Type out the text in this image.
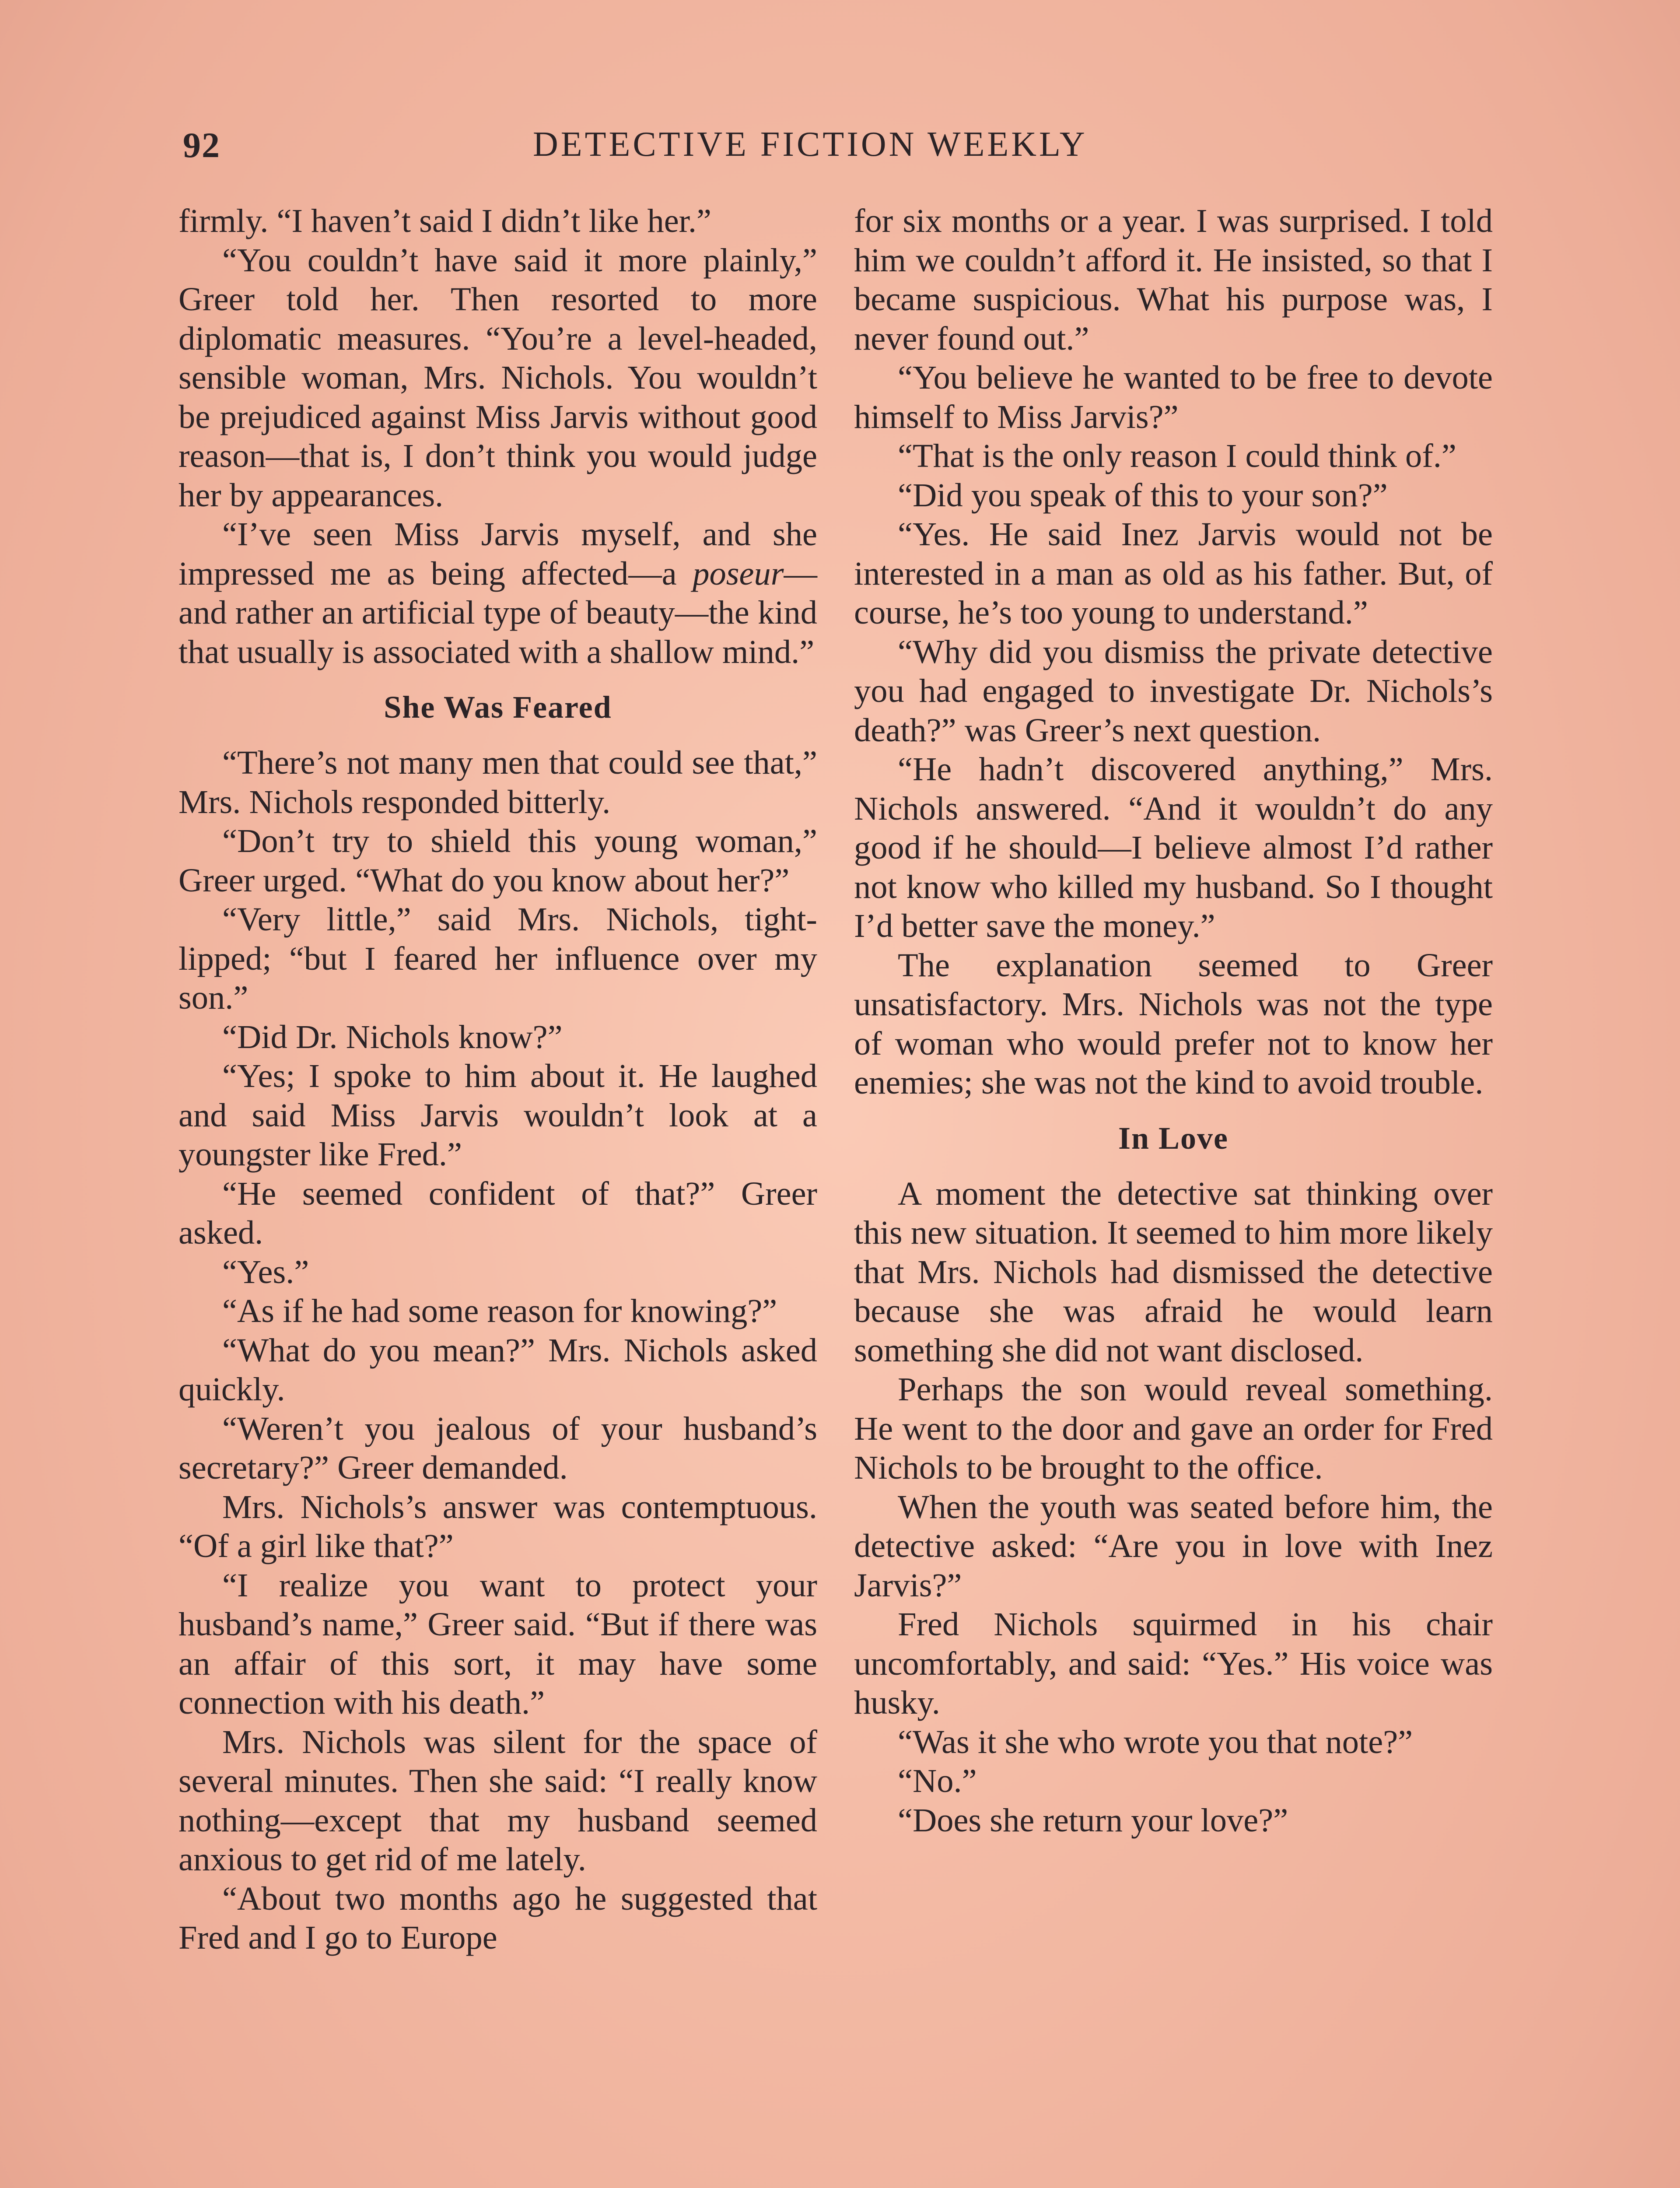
92	DETECTIVE FICTION WEEKLY

firmly. “I haven’t said I didn’t like her.”

“You couldn’t have said it more plainly,” Greer told her. Then resorted to more diplomatic measures. “You’re a level-headed, sensible woman, Mrs. Nichols. You wouldn’t be prejudiced against Miss Jarvis without good reason—that is, I don’t think you would judge her by appearances.

“I’ve seen Miss Jarvis myself, and she impressed me as being affected—a poseur—and rather an artificial type of beauty—the kind that usually is associated with a shallow mind.”

She Was Feared

“There’s not many men that could see that,” Mrs. Nichols responded bitterly.

“Don’t try to shield this young woman,” Greer urged. “What do you know about her?”

“Very little,” said Mrs. Nichols, tight-lipped; “but I feared her influence over my son.”

“Did Dr. Nichols know?”

“Yes; I spoke to him about it. He laughed and said Miss Jarvis wouldn’t look at a youngster like Fred.”

“He seemed confident of that?” Greer asked.

“Yes.”

“As if he had some reason for knowing?”

“What do you mean?” Mrs. Nichols asked quickly.

“Weren’t you jealous of your husband’s secretary?” Greer demanded.

Mrs. Nichols’s answer was contemptuous. “Of a girl like that?”

“I realize you want to protect your husband’s name,” Greer said. “But if there was an affair of this sort, it may have some connection with his death.”

Mrs. Nichols was silent for the space of several minutes. Then she said: “I really know nothing—except that my husband seemed anxious to get rid of me lately.

“About two months ago he suggested that Fred and I go to Europe

for six months or a year. I was surprised. I told him we couldn’t afford it. He insisted, so that I became suspicious. What his purpose was, I never found out.”

“You believe he wanted to be free to devote himself to Miss Jarvis?”

“That is the only reason I could think of.”

“Did you speak of this to your son?”

“Yes. He said Inez Jarvis would not be interested in a man as old as his father. But, of course, he’s too young to understand.”

“Why did you dismiss the private detective you had engaged to investigate Dr. Nichols’s death?” was Greer’s next question.

“He hadn’t discovered anything,” Mrs. Nichols answered. “And it wouldn’t do any good if he should—I believe almost I’d rather not know who killed my husband. So I thought I’d better save the money.”

The explanation seemed to Greer unsatisfactory. Mrs. Nichols was not the type of woman who would prefer not to know her enemies; she was not the kind to avoid trouble.

In Love

A moment the detective sat thinking over this new situation. It seemed to him more likely that Mrs. Nichols had dismissed the detective because she was afraid he would learn something she did not want disclosed.

Perhaps the son would reveal something. He went to the door and gave an order for Fred Nichols to be brought to the office.

When the youth was seated before him, the detective asked: “Are you in love with Inez Jarvis?”

Fred Nichols squirmed in his chair uncomfortably, and said: “Yes.” His voice was husky.

“Was it she who wrote you that note?”

“No.”

“Does she return your love?”
